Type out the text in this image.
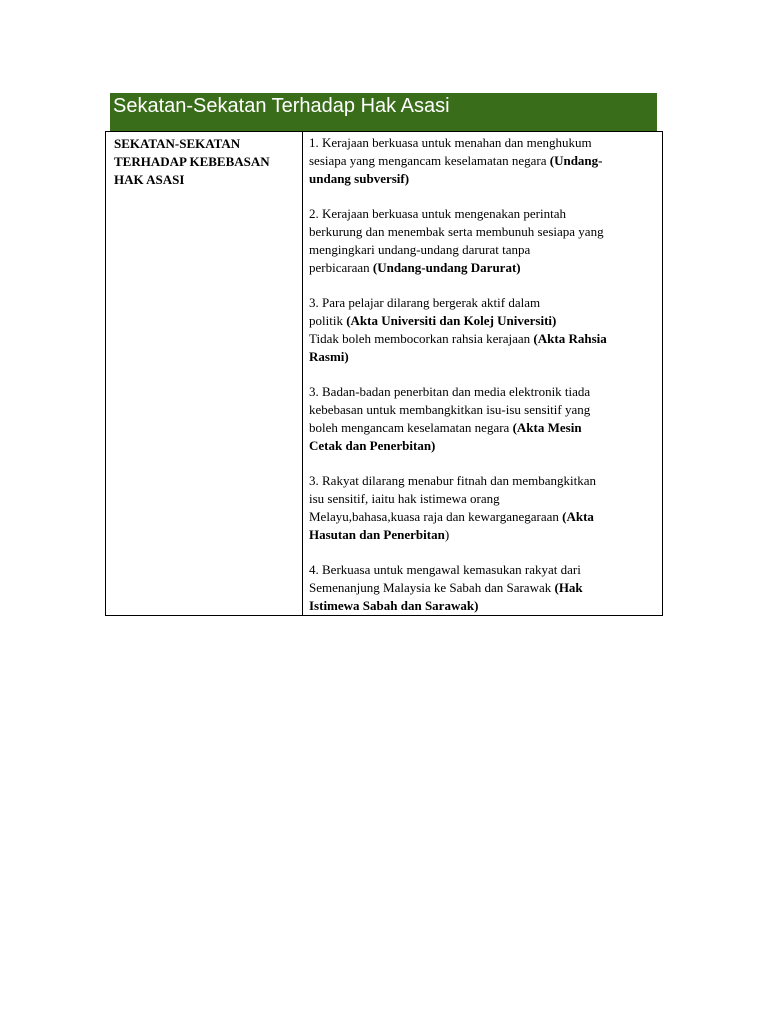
Sekatan-Sekatan Terhadap Hak Asasi
SEKATAN-SEKATAN
TERHADAP KEBEBASAN
HAK ASASI
1. Kerajaan berkuasa untuk menahan dan menghukum
sesiapa yang mengancam keselamatan negara (Undang-
undang subversif)
2. Kerajaan berkuasa untuk mengenakan perintah
berkurung dan menembak serta membunuh sesiapa yang
mengingkari undang-undang darurat tanpa
perbicaraan (Undang-undang Darurat)
3. Para pelajar dilarang bergerak aktif dalam
politik (Akta Universiti dan Kolej Universiti)
Tidak boleh membocorkan rahsia kerajaan (Akta Rahsia
Rasmi)
3. Badan-badan penerbitan dan media elektronik tiada
kebebasan untuk membangkitkan isu-isu sensitif yang
boleh mengancam keselamatan negara (Akta Mesin
Cetak dan Penerbitan)
3. Rakyat dilarang menabur fitnah dan membangkitkan
isu sensitif, iaitu hak istimewa orang
Melayu,bahasa,kuasa raja dan kewarganegaraan (Akta
Hasutan dan Penerbitan)
4. Berkuasa untuk mengawal kemasukan rakyat dari
Semenanjung Malaysia ke Sabah dan Sarawak (Hak
Istimewa Sabah dan Sarawak)
